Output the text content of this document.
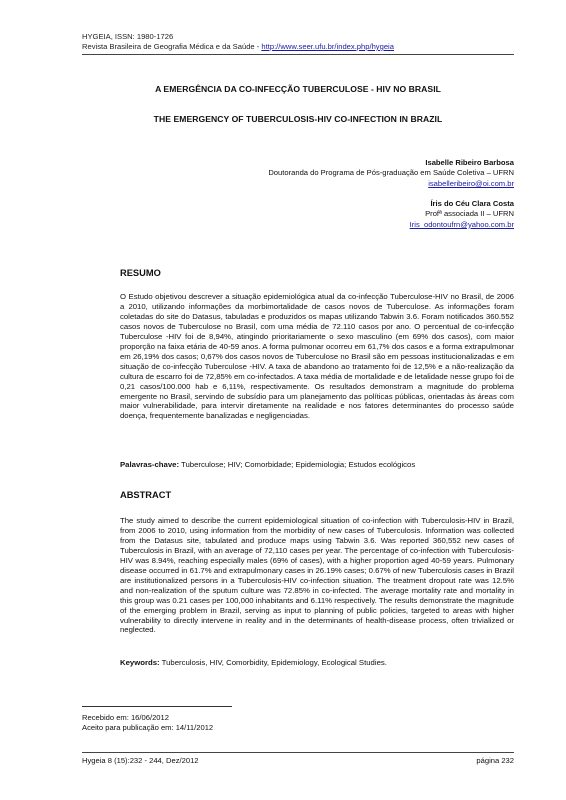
HYGEIA, ISSN: 1980-1726
Revista Brasileira de Geografia Médica e da Saúde - http://www.seer.ufu.br/index.php/hygeia
A EMERGÊNCIA DA CO-INFECÇÃO TUBERCULOSE - HIV NO BRASIL
THE EMERGENCY OF TUBERCULOSIS-HIV CO-INFECTION IN BRAZIL
Isabelle Ribeiro Barbosa
Doutoranda do Programa de Pós-graduação em Saúde Coletiva – UFRN
isabelleribeiro@oi.com.br
Íris do Céu Clara Costa
Profª associada II – UFRN
Iris_odontoufrn@yahoo.com.br
RESUMO
O Estudo objetivou descrever a situação epidemiológica atual da co-infecção Tuberculose-HIV no Brasil, de 2006 a 2010, utilizando informações da morbimortalidade de casos novos de Tuberculose. As informações foram coletadas do site do Datasus, tabuladas e produzidos os mapas utilizando Tabwin 3.6. Foram notificados 360.552 casos novos de Tuberculose no Brasil, com uma média de 72.110 casos por ano. O percentual de co-infecção Tuberculose -HIV foi de 8,94%, atingindo prioritariamente o sexo masculino (em 69% dos casos), com maior proporção na faixa etária de 40-59 anos. A forma pulmonar ocorreu em 61,7% dos casos e a forma extrapulmonar em 26,19% dos casos; 0,67% dos casos novos de Tuberculose no Brasil são em pessoas institucionalizadas e em situação de co-infecção Tuberculose -HIV. A taxa de abandono ao tratamento foi de 12,5% e a não-realização da cultura de escarro foi de 72,85% em co-infectados. A taxa média de mortalidade e de letalidade nesse grupo foi de 0,21 casos/100.000 hab e 6,11%, respectivamente. Os resultados demonstram a magnitude do problema emergente no Brasil, servindo de subsídio para um planejamento das políticas públicas, orientadas às áreas com maior vulnerabilidade, para intervir diretamente na realidade e nos fatores determinantes do processo saúde doença, frequentemente banalizadas e negligenciadas.
Palavras-chave: Tuberculose; HIV; Comorbidade; Epidemiologia; Estudos ecológicos
ABSTRACT
The study aimed to describe the current epidemiological situation of co-infection with Tuberculosis-HIV in Brazil, from 2006 to 2010, using information from the morbidity of new cases of Tuberculosis. Information was collected from the Datasus site, tabulated and produce maps using Tabwin 3.6. Was reported 360,552 new cases of Tuberculosis in Brazil, with an average of 72,110 cases per year. The percentage of co-infection with Tuberculosis-HIV was 8.94%, reaching especially males (69% of cases), with a higher proportion aged 40-59 years. Pulmonary disease occurred in 61.7% and extrapulmonary cases in 26.19% cases; 0.67% of new Tuberculosis cases in Brazil are institutionalized persons in a Tuberculosis-HIV co-infection situation. The treatment dropout rate was 12.5% and non-realization of the sputum culture was 72.85% in co-infected. The average mortality rate and mortality in this group was 0.21 cases per 100,000 inhabitants and 6.11% respectively. The results demonstrate the magnitude of the emerging problem in Brazil, serving as input to planning of public policies, targeted to areas with higher vulnerability to directly intervene in reality and in the determinants of health-disease process, often trivialized or neglected.
Keywords: Tuberculosis, HIV, Comorbidity, Epidemiology, Ecological Studies.
Recebido em: 16/06/2012
Aceito para publicação em: 14/11/2012
Hygeia 8 (15):232 - 244, Dez/2012	página 232
